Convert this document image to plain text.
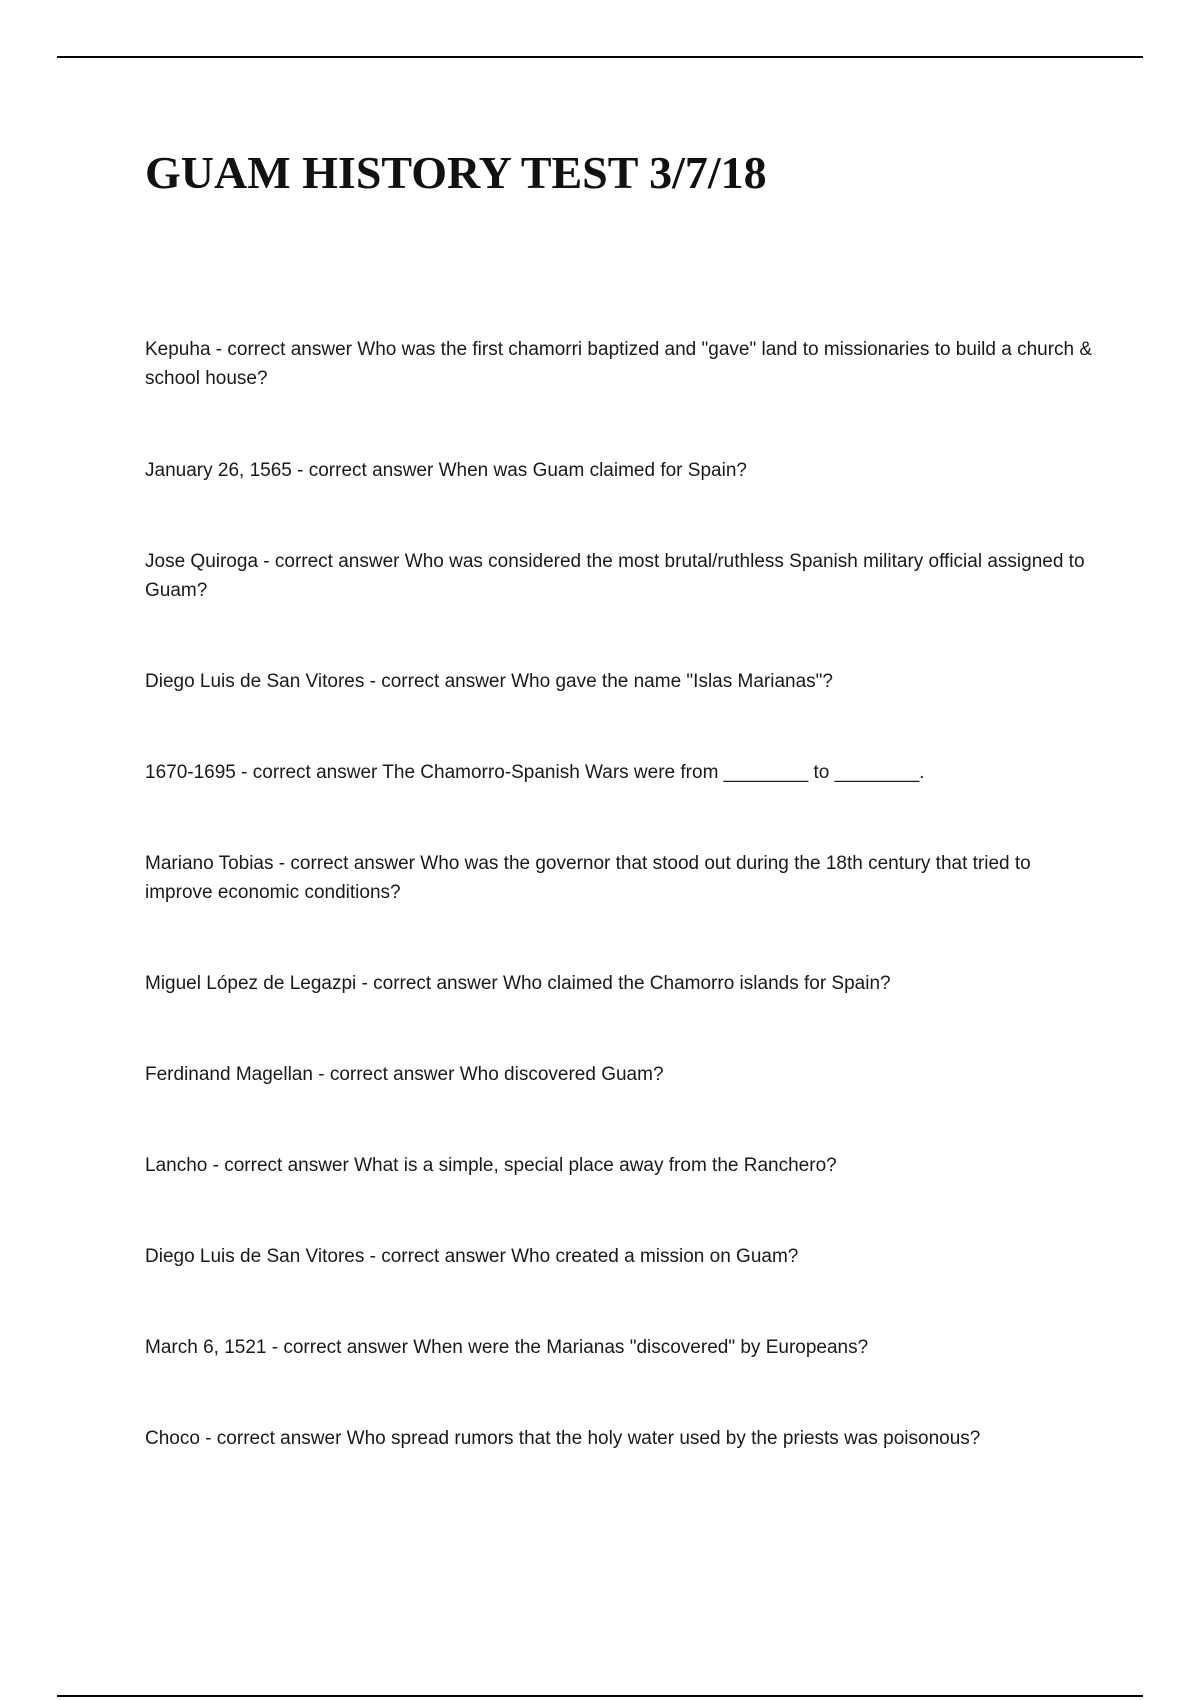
GUAM HISTORY TEST 3/7/18
Kepuha - correct answer Who was the first chamorri baptized and "gave" land to missionaries to build a church & school house?
January 26, 1565 - correct answer When was Guam claimed for Spain?
Jose Quiroga - correct answer Who was considered the most brutal/ruthless Spanish military official assigned to Guam?
Diego Luis de San Vitores - correct answer Who gave the name "Islas Marianas"?
1670-1695 - correct answer The Chamorro-Spanish Wars were from ________ to ________.
Mariano Tobias - correct answer Who was the governor that stood out during the 18th century that tried to improve economic conditions?
Miguel López de Legazpi - correct answer Who claimed the Chamorro islands for Spain?
Ferdinand Magellan - correct answer Who discovered Guam?
Lancho - correct answer What is a simple, special place away from the Ranchero?
Diego Luis de San Vitores - correct answer Who created a mission on Guam?
March 6, 1521 - correct answer When were the Marianas "discovered" by Europeans?
Choco - correct answer Who spread rumors that the holy water used by the priests was poisonous?
